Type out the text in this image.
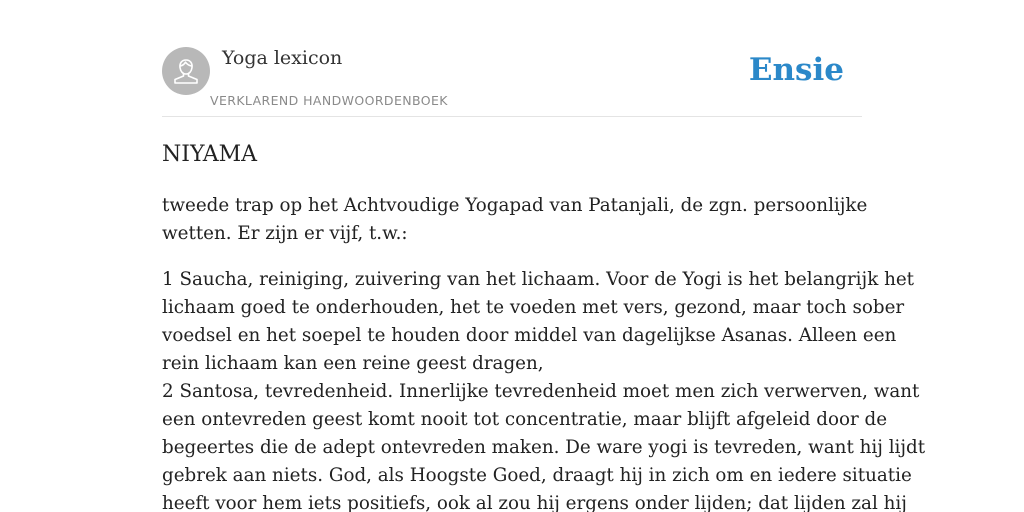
Yoga lexicon
VERKLAREND HANDWOORDENBOEK
Ensie
NIYAMA

tweede trap op het Achtvoudige Yogapad van Patanjali, de zgn. persoonlijke
wetten. Er zijn er vijf, t.w.:

1 Saucha, reiniging, zuivering van het lichaam. Voor de Yogi is het belangrijk het
lichaam goed te onderhouden, het te voeden met vers, gezond, maar toch sober
voedsel en het soepel te houden door middel van dagelijkse Asanas. Alleen een
rein lichaam kan een reine geest dragen,
2 Santosa, tevredenheid. Innerlijke tevredenheid moet men zich verwerven, want
een ontevreden geest komt nooit tot concentratie, maar blijft afgeleid door de
begeertes die de adept ontevreden maken. De ware yogi is tevreden, want hij lijdt
gebrek aan niets. God, als Hoogste Goed, draagt hij in zich om en iedere situatie
heeft voor hem iets positiefs, ook al zou hij ergens onder lijden; dat lijden zal hij
